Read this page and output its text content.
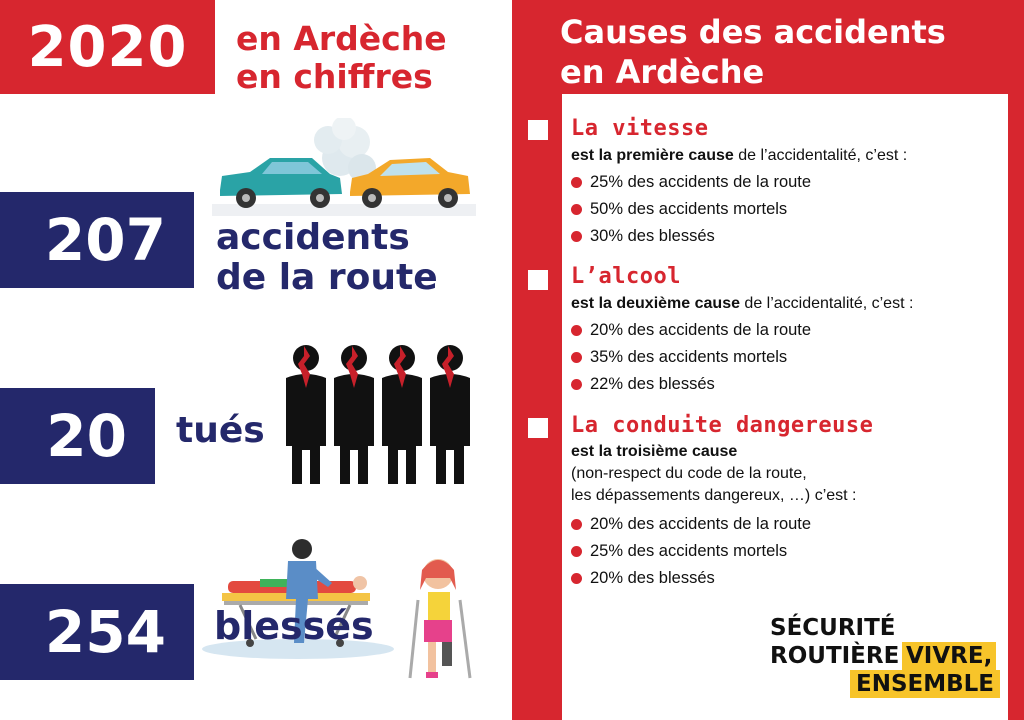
2020	en Ardèche
en chiffres
207	accidents
de la route
20	tués
254	blessés
Causes des accidents
en Ardèche
La vitesse
est la première cause de l’accidentalité, c’est :
25% des accidents de la route
50% des accidents mortels
30% des blessés
L’alcool
est la deuxième cause de l’accidentalité, c’est :
20% des accidents de la route
35% des accidents mortels
22% des blessés
La conduite dangereuse
est la troisième cause
(non-respect du code de la route,
les dépassements dangereux, …) c’est :
20% des accidents de la route
25% des accidents mortels
20% des blessés
SÉCURITÉ
ROUTIÈRE VIVRE,
ENSEMBLE
